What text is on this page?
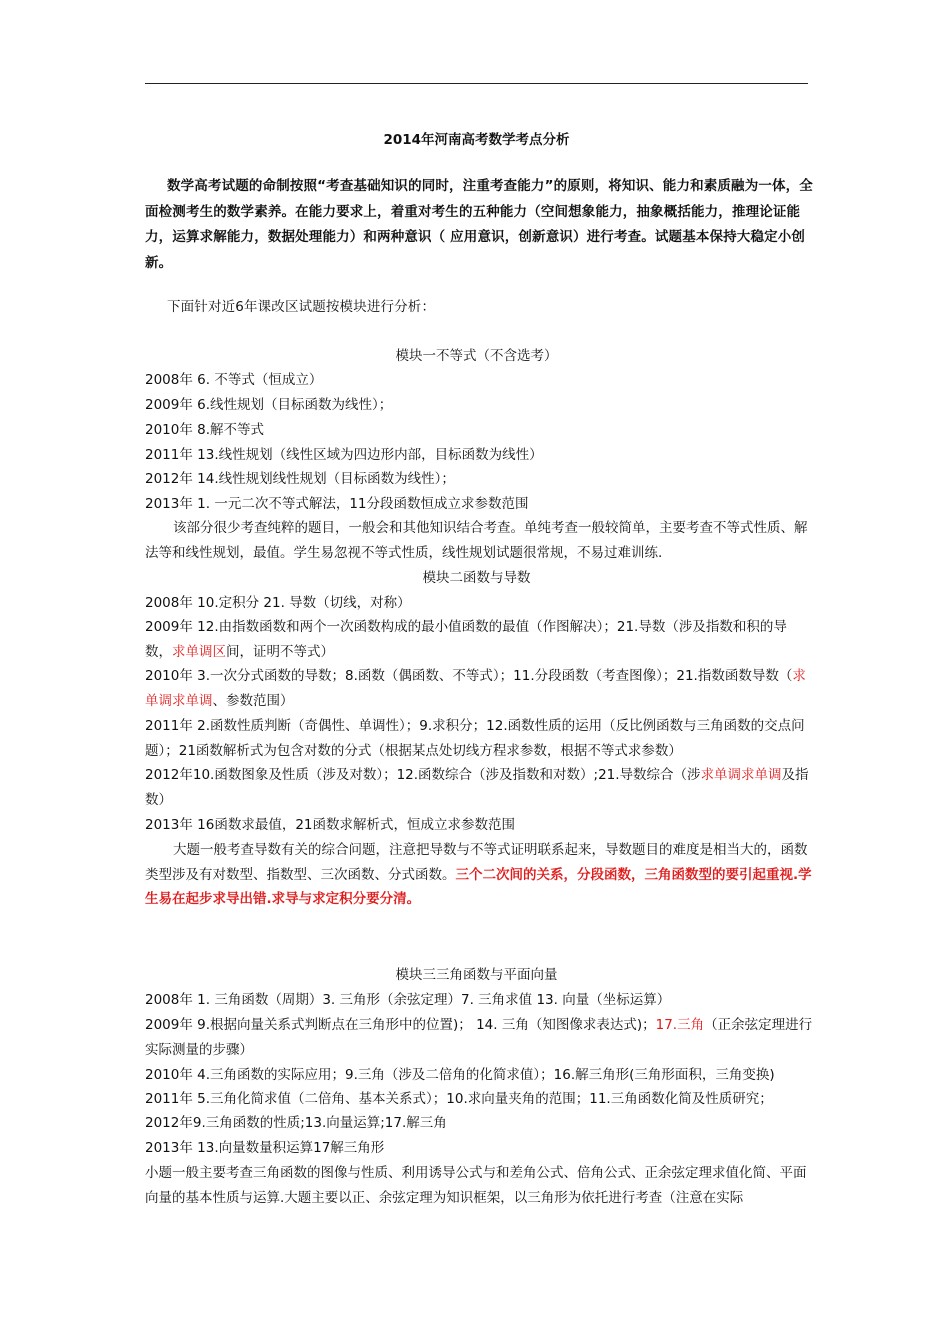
2014年河南高考数学考点分析
数学高考试题的命制按照“考查基础知识的同时，注重考查能力”的原则，将知识、能力和素质融为一体，全面检测考生的数学素养。在能力要求上，着重对考生的五种能力（空间想象能力，抽象概括能力，推理论证能力，运算求解能力，数据处理能力）和两种意识（ 应用意识，创新意识）进行考查。试题基本保持大稳定小创新。
下面针对近6年课改区试题按模块进行分析：
模块一不等式（不含选考）
2008年 6. 不等式（恒成立）
2009年 6.线性规划（目标函数为线性）；
2010年 8.解不等式
2011年 13.线性规划（线性区域为四边形内部，目标函数为线性）
2012年 14.线性规划线性规划（目标函数为线性）；
2013年 1. 一元二次不等式解法，11分段函数恒成立求参数范围
该部分很少考查纯粹的题目，一般会和其他知识结合考查。单纯考查一般较简单，主要考查不等式性质、解法等和线性规划，最值。学生易忽视不等式性质，线性规划试题很常规，不易过难训练.
模块二函数与导数
2008年 10.定积分 21. 导数（切线，对称）
2009年 12.由指数函数和两个一次函数构成的最小值函数的最值（作图解决）；21.导数（涉及指数和积的导数，求单调区间，证明不等式）
2010年 3.一次分式函数的导数；8.函数（偶函数、不等式）；11.分段函数（考查图像）；21.指数函数导数（求单调求单调、参数范围）
2011年 2.函数性质判断（奇偶性、单调性）；9.求积分；12.函数性质的运用（反比例函数与三角函数的交点问题）；21函数解析式为包含对数的分式（根据某点处切线方程求参数，根据不等式求参数）
2012年10.函数图象及性质（涉及对数）；12.函数综合（涉及指数和对数）;21.导数综合（涉求单调求单调及指数）
2013年 16函数求最值，21函数求解析式，恒成立求参数范围
大题一般考查导数有关的综合问题，注意把导数与不等式证明联系起来，导数题目的难度是相当大的，函数类型涉及有对数型、指数型、三次函数、分式函数。三个二次间的关系，分段函数，三角函数型的要引起重视.学生易在起步求导出错.求导与求定积分要分清。
模块三三角函数与平面向量
2008年 1. 三角函数（周期）3. 三角形（余弦定理）7. 三角求值 13. 向量（坐标运算）
2009年 9.根据向量关系式判断点在三角形中的位置)； 14. 三角（知图像求表达式)；17.三角（正余弦定理进行实际测量的步骤）
2010年 4.三角函数的实际应用；9.三角（涉及二倍角的化简求值）；16.解三角形(三角形面积，三角变换)
2011年 5.三角化简求值（二倍角、基本关系式）；10.求向量夹角的范围；11.三角函数化简及性质研究；
2012年9.三角函数的性质;13.向量运算;17.解三角
2013年 13.向量数量积运算17解三角形
小题一般主要考查三角函数的图像与性质、利用诱导公式与和差角公式、倍角公式、正余弦定理求值化简、平面向量的基本性质与运算.大题主要以正、余弦定理为知识框架，以三角形为依托进行考查（注意在实际
